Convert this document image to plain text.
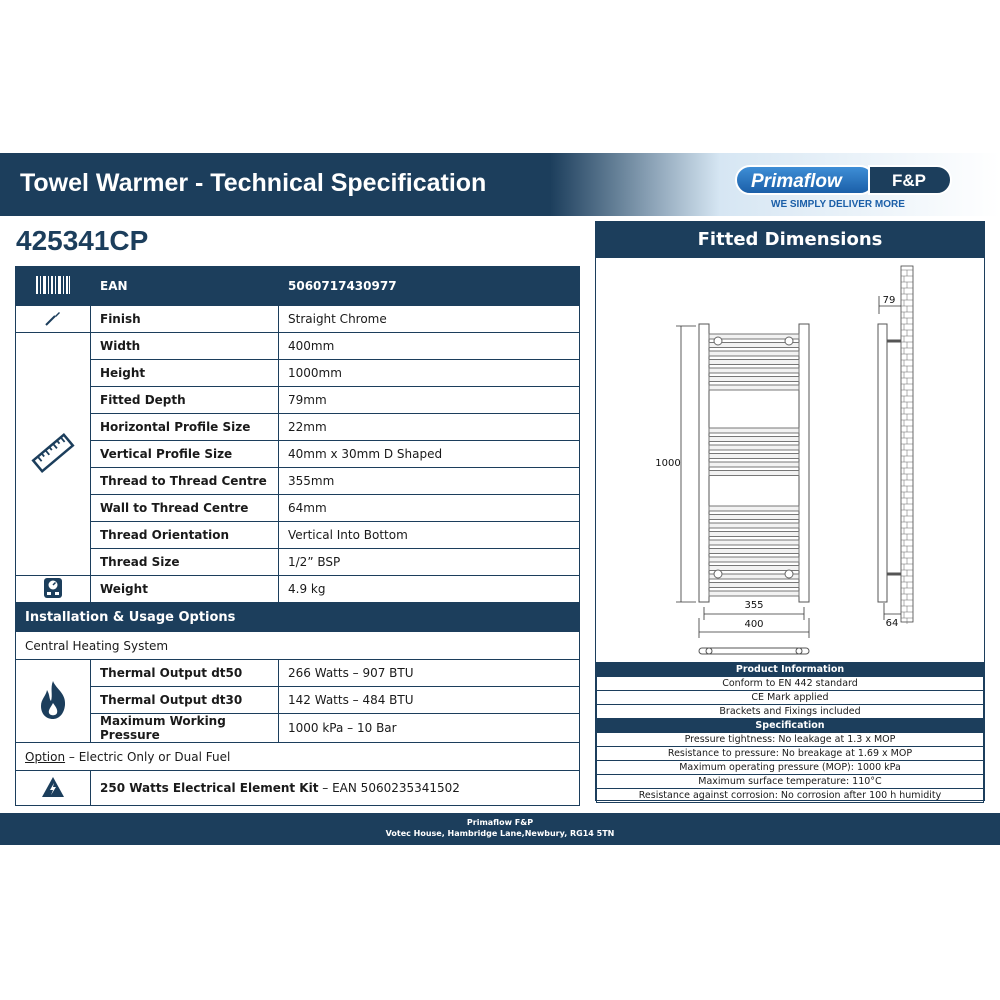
Towel Warmer - Technical Specification	Primaflow	F&P
WE SIMPLY DELIVER MORE
425341CP
	EAN	5060717430977
	Finish	Straight Chrome
	Width	400mm
	Height	1000mm
	Fitted Depth	79mm
	Horizontal Profile Size	22mm
	Vertical Profile Size	40mm x 30mm D Shaped
	Thread to Thread Centre	355mm
	Wall to Thread Centre	64mm
	Thread Orientation	Vertical Into Bottom
	Thread Size	1/2” BSP
	Weight	4.9 kg
Installation & Usage Options		
Central Heating System		
	Thermal Output dt50	266 Watts – 907 BTU
	Thermal Output dt30	142 Watts – 484 BTU
	Maximum Working Pressure	1000 kPa – 10 Bar
Option – Electric Only or Dual Fuel		
	250 Watts Electrical Element Kit – EAN 5060235341502	
Fitted Dimensions
1000
355
400
79
64
Product Information
Conform to EN 442 standard
CE Mark applied
Brackets and Fixings included
Specification
Pressure tightness: No leakage at 1.3 x MOP
Resistance to pressure: No breakage at 1.69 x MOP
Maximum operating pressure (MOP): 1000 kPa
Maximum surface temperature: 110°C
Resistance against corrosion: No corrosion after 100 h humidity
Primaflow F&P
Votec House, Hambridge Lane,Newbury, RG14 5TN
